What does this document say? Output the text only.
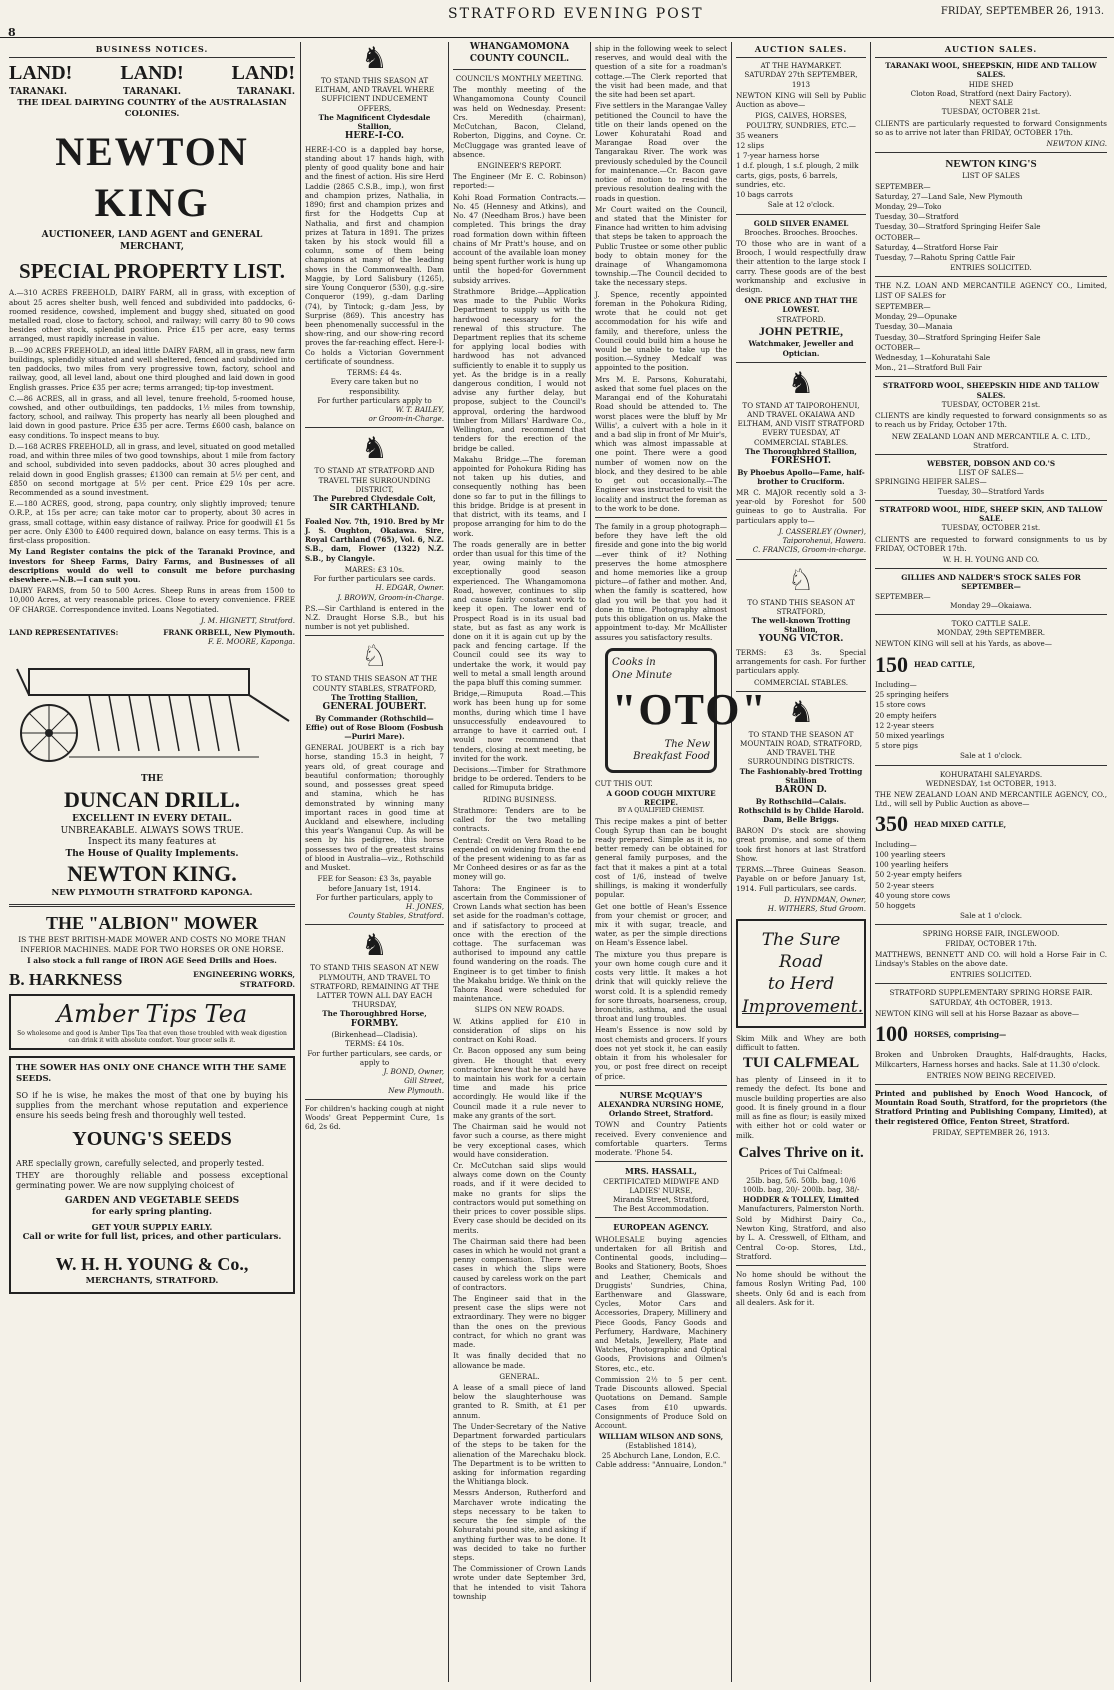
8
STRATFORD EVENING POST	FRIDAY, SEPTEMBER 26, 1913.
BUSINESS NOTICES.
LAND! LAND! LAND!
TARANAKI.	TARANAKI.	TARANAKI.
THE IDEAL DAIRYING COUNTRY of the AUSTRALASIAN COLONIES.
NEWTON KING
AUCTIONEER, LAND AGENT and GENERAL MERCHANT,
SPECIAL PROPERTY LIST.

A.—310 ACRES FREEHOLD, DAIRY FARM, all in grass, with exception of about 25 acres shelter bush, well fenced and subdivided into paddocks, 6-roomed residence, cowshed, implement and buggy shed, situated on good metalled road, close to factory, school, and railway; will carry 80 to 90 cows besides other stock, splendid position. Price £15 per acre, easy terms arranged, must rapidly increase in value.

B.—90 ACRES FREEHOLD, an ideal little DAIRY FARM, all in grass, new farm buildings, splendidly situated and well sheltered, fenced and subdivided into ten paddocks, two miles from very progressive town, factory, school and railway, good, all level land, about one third ploughed and laid down in good English grasses. Price £35 per acre; terms arranged; tip-top investment.

C.—86 ACRES, all in grass, and all level, tenure freehold, 5-roomed house, cowshed, and other outbuildings, ten paddocks, 1½ miles from township, factory, school, and railway. This property has nearly all been ploughed and laid down in good pasture. Price £35 per acre. Terms £600 cash, balance on easy conditions. To inspect means to buy.

D.—168 ACRES FREEHOLD, all in grass, and level, situated on good metalled road, and within three miles of two good townships, about 1 mile from factory and school, subdivided into seven paddocks, about 30 acres ploughed and relaid down in good English grasses; £1300 can remain at 5½ per cent, and £850 on second mortgage at 5½ per cent. Price £29 10s per acre. Recommended as a sound investment.

E.—180 ACRES, good, strong, papa country, only slightly improved; tenure O.R.P., at 15s per acre; can take motor car to property, about 30 acres in grass, small cottage, within easy distance of railway. Price for goodwill £1 5s per acre. Only £300 to £400 required down, balance on easy terms. This is a first-class proposition.

My Land Register contains the pick of the Taranaki Province, and investors for Sheep Farms, Dairy Farms, and Businesses of all descriptions would do well to consult me before purchasing elsewhere.—N.B.—I can suit you.

DAIRY FARMS, from 50 to 500 Acres. Sheep Runs in areas from 1500 to 10,000 Acres, at very reasonable prices. Close to every convenience. FREE OF CHARGE. Correspondence invited. Loans Negotiated.

J. M. HIGNETT, Stratford.
LAND REPRESENTATIVES:	FRANK ORBELL, New Plymouth.
F. E. MOORE, Kaponga.
THE
DUNCAN DRILL.
EXCELLENT IN EVERY DETAIL.
UNBREAKABLE. ALWAYS SOWS TRUE.
Inspect its many features at
The House of Quality Implements.
NEWTON KING.
NEW PLYMOUTH STRATFORD KAPONGA.
THE "ALBION" MOWER
IS THE BEST BRITISH-MADE MOWER AND COSTS NO MORE THAN INFERIOR MACHINES. MADE FOR TWO HORSES OR ONE HORSE.
I also stock a full range of IRON AGE Seed Drills and Hoes.
B. HARKNESS	ENGINEERING WORKS, STRATFORD.
Amber Tips Tea
So wholesome and good is Amber Tips Tea that even those troubled with weak digestion can drink it with absolute comfort. Your grocer sells it.
THE SOWER HAS ONLY ONE CHANCE WITH THE SAME SEEDS.

SO if he is wise, he makes the most of that one by buying his supplies from the merchant whose reputation and experience ensure his seeds being fresh and thoroughly well tested.

YOUNG'S SEEDS

ARE specially grown, carefully selected, and properly tested.

THEY are thoroughly reliable and possess exceptional germinating power. We are now supplying choicest of

GARDEN AND VEGETABLE SEEDS
for early spring planting.
GET YOUR SUPPLY EARLY.
Call or write for full list, prices, and other particulars.
W. H. H. YOUNG & Co.,
MERCHANTS, STRATFORD.
♞
TO STAND THIS SEASON AT ELTHAM, AND TRAVEL WHERE SUFFICIENT INDUCEMENT OFFERS,
The Magnificent Clydesdale Stallion,
HERE-I-CO.

HERE-I-CO is a dappled bay horse, standing about 17 hands high, with plenty of good quality bone and hair and the finest of action. His sire Herd Laddie (2865 C.S.B., imp.), won first and champion prizes, Nathalia, in 1890; first and champion prizes and first for the Hodgetts Cup at Nathalia, and first and champion prizes at Tatura in 1891. The prizes taken by his stock would fill a column, some of them being champions at many of the leading shows in the Commonwealth. Dam Maggie, by Lord Salisbury (1265), sire Young Conqueror (530), g.g.-sire Conqueror (199), g.-dam Darling (74), by Tintock; g.-dam Jess, by Surprise (869). This ancestry has been phenomenally successful in the show-ring, and our show-ring record proves the far-reaching effect. Here-I-Co holds a Victorian Government certificate of soundness.

TERMS: £4 4s.
Every care taken but no responsibility.
For further particulars apply to
W. T. BAILEY,
or Groom-in-Charge.
♞
TO STAND AT STRATFORD AND TRAVEL THE SURROUNDING DISTRICT,
The Purebred Clydesdale Colt,
SIR CARTHLAND.

Foaled Nov. 7th, 1910. Bred by Mr J. S. Oughton, Okaiawa. Sire, Royal Carthland (765), Vol. 6, N.Z. S.B., dam, Flower (1322) N.Z. S.B., by Clangyle.

MARES: £3 10s.
For further particulars see cards.
H. EDGAR, Owner.
J. BROWN, Groom-in-Charge.

P.S.—Sir Carthland is entered in the N.Z. Draught Horse S.B., but his number is not yet published.

♘
TO STAND THIS SEASON AT THE COUNTY STABLES, STRATFORD,
The Trotting Stallion,
GENERAL JOUBERT.
By Commander (Rothschild—Effie) out of Rose Bloom (Fosbush—Puriri Mare).

GENERAL JOUBERT is a rich bay horse, standing 15.3 in height, 7 years old, of great courage and beautiful conformation; thoroughly sound, and possesses great speed and stamina, which he has demonstrated by winning many important races in good time at Auckland and elsewhere, including this year's Wanganui Cup. As will be seen by his pedigree, this horse possesses two of the greatest strains of blood in Australia—viz., Rothschild and Musket.

FEE for Season: £3 3s, payable before January 1st, 1914.
For further particulars, apply to
H. JONES,
County Stables, Stratford.
♞
TO STAND THIS SEASON AT NEW PLYMOUTH, AND TRAVEL TO STRATFORD, REMAINING AT THE LATTER TOWN ALL DAY EACH THURSDAY,
The Thoroughbred Horse,
FORMBY.
(Birkenhead—Cladisia).
TERMS: £4 10s.
For further particulars, see cards, or apply to
J. BOND, Owner,
Gill Street,
New Plymouth.

For children's hacking cough at night Woods' Great Peppermint Cure, 1s 6d, 2s 6d.

WHANGAMOMONA COUNTY COUNCIL.
COUNCIL'S MONTHLY MEETING.

The monthly meeting of the Whangamomona County Council was held on Wednesday. Present: Crs. Meredith (chairman), McCutchan, Bacon, Cleland, Roberton, Diggins, and Coyne. Cr. McCluggage was granted leave of absence.

ENGINEER'S REPORT.

The Engineer (Mr E. C. Robinson) reported:—

Kohi Road Formation Contracts.—No. 45 (Hennesy and Atkins), and No. 47 (Needham Bros.) have been completed. This brings the dray road formation down within fifteen chains of Mr Pratt's house, and on account of the available loan money being spent further work is hung up until the hoped-for Government subsidy arrives.

Strathmore Bridge.—Application was made to the Public Works Department to supply us with the hardwood necessary for the renewal of this structure. The Department replies that its scheme for applying local bodies with hardwood has not advanced sufficiently to enable it to supply us yet. As the bridge is in a really dangerous condition, I would not advise any further delay, but propose, subject to the Council's approval, ordering the hardwood timber from Millars' Hardware Co., Wellington, and recommend that tenders for the erection of the bridge be called.

Makahu Bridge.—The foreman appointed for Pohokura Riding has not taken up his duties, and consequently nothing has been done so far to put in the fillings to this bridge. Bridge is at present in that district, with its teams, and I propose arranging for him to do the work.

The roads generally are in better order than usual for this time of the year, owing mainly to the exceptionally good season experienced. The Whangamomona Road, however, continues to slip and cause fairly constant work to keep it open. The lower end of Prospect Road is in its usual bad state, but as fast as any work is done on it it is again cut up by the pack and fencing cartage. If the Council could see its way to undertake the work, it would pay well to metal a small length around the papa bluff this coming summer.

Bridge,—Rimuputa Road.—This work has been hung up for some months, during which time I have unsuccessfully endeavoured to arrange to have it carried out. I would now recommend that tenders, closing at next meeting, be invited for the work.

Decisions.—Timber for Strathmore bridge to be ordered. Tenders to be called for Rimuputa bridge.

RIDING BUSINESS.

Strathmore: Tenders are to be called for the two metalling contracts.

Central: Credit on Vera Road to be expended on widening from the end of the present widening to as far as Mr Conheed desires or as far as the money will go.

Tahora: The Engineer is to ascertain from the Commissioner of Crown Lands what section has been set aside for the roadman's cottage, and if satisfactory to proceed at once with the erection of the cottage. The surfaceman was authorised to impound any cattle found wandering on the roads. The Engineer is to get timber to finish the Makahu bridge. We think on the Tahora Road were scheduled for maintenance.

SLIPS ON NEW ROADS.

W. Atkins applied for £10 in consideration of slips on his contract on Kohi Road.

Cr. Bacon opposed any sum being given. He thought that every contractor knew that he would have to maintain his work for a certain time and made his price accordingly. He would like if the Council made it a rule never to make any grants of the sort.

The Chairman said he would not favor such a course, as there might be very exceptional cases, which would have consideration.

Cr. McCutchan said slips would always come down on the County roads, and if it were decided to make no grants for slips the contractors would put something on their prices to cover possible slips. Every case should be decided on its merits.

The Chairman said there had been cases in which he would not grant a penny compensation. There were cases in which the slips were caused by careless work on the part of contractors.

The Engineer said that in the present case the slips were not extraordinary. They were no bigger than the ones on the previous contract, for which no grant was made.

It was finally decided that no allowance be made.

GENERAL.

A lease of a small piece of land below the slaughterhouse was granted to R. Smith, at £1 per annum.

The Under-Secretary of the Native Department forwarded particulars of the steps to be taken for the alienation of the Marechaku block. The Department is to be written to asking for information regarding the Whitianga block.

Messrs Anderson, Rutherford and Marchaver wrote indicating the steps necessary to be taken to secure the fee simple of the Kohuratahi pound site, and asking if anything further was to be done. It was decided to take no further steps.

The Commissioner of Crown Lands wrote under date September 3rd, that he intended to visit Tahora township

ship in the following week to select reserves, and would deal with the question of a site for a roadman's cottage.—The Clerk reported that the visit had been made, and that the site had been set apart.

Five settlers in the Marangae Valley petitioned the Council to have the title on their lands opened on the Lower Kohuratahi Road and Marangae Road over the Tangarakau River. The work was previously scheduled by the Council for maintenance.—Cr. Bacon gave notice of motion to rescind the previous resolution dealing with the roads in question.

Mr Court waited on the Council, and stated that the Minister for Finance had written to him advising that steps be taken to approach the Public Trustee or some other public body to obtain money for the drainage of Whangamomona township.—The Council decided to take the necessary steps.

J. Spence, recently appointed foreman in the Pohokura Riding, wrote that he could not get accommodation for his wife and family, and therefore, unless the Council could build him a house he would be unable to take up the position.—Sydney Medcalf was appointed to the position.

Mrs M. E. Parsons, Kohuratahi, asked that some fuel places on the Marangai end of the Kohuratahi Road should be attended to. The worst places were the bluff by Mr Willis', a culvert with a hole in it and a bad slip in front of Mr Muir's, which was almost impassable at one point. There were a good number of women now on the block, and they desired to be able to get out occasionally.—The Engineer was instructed to visit the locality and instruct the foreman as to the work to be done.

The family in a group photograph—before they have left the old fireside and gone into the big world—ever think of it? Nothing preserves the home atmosphere and home memories like a group picture—of father and mother. And, when the family is scattered, how glad you will be that you had it done in time. Photography almost puts this obligation on us. Make the appointment to-day. Mr McAllister assures you satisfactory results.

Cooks in
One Minute
"OTO"
The New
Breakfast Food
CUT THIS OUT.
A GOOD COUGH MIXTURE RECIPE.
BY A QUALIFIED CHEMIST.

This recipe makes a pint of better Cough Syrup than can be bought ready prepared. Simple as it is, no better remedy can be obtained for general family purposes, and the fact that it makes a pint at a total cost of 1/6, instead of twelve shillings, is making it wonderfully popular.

Get one bottle of Hean's Essence from your chemist or grocer, and mix it with sugar, treacle, and water, as per the simple directions on Heam's Essence label.

The mixture you thus prepare is your own home cough cure and it costs very little. It makes a hot drink that will quickly relieve the worst cold. It is a splendid remedy for sore throats, hoarseness, croup, bronchitis, asthma, and the usual throat and lung troubles.

Heam's Essence is now sold by most chemists and grocers. If yours does not yet stock it, he can easily obtain it from his wholesaler for you, or post free direct on receipt of price.

NURSE McQUAY'S
ALEXANDRA NURSING HOME, Orlando Street, Stratford.

TOWN and Country Patients received. Every convenience and comfortable quarters. Terms moderate. 'Phone 54.

MRS. HASSALL,
CERTIFICATED MIDWIFE AND LADIES' NURSE,
Miranda Street, Stratford,
The Best Accommodation.
EUROPEAN AGENCY.

WHOLESALE buying agencies undertaken for all British and Continental goods, including—Books and Stationery, Boots, Shoes and Leather, Chemicals and Druggists' Sundries, China, Earthenware and Glassware, Cycles, Motor Cars and Accessories, Drapery, Millinery and Piece Goods, Fancy Goods and Perfumery, Hardware, Machinery and Metals, Jewellery, Plate and Watches, Photographic and Optical Goods, Provisions and Oilmen's Stores, etc., etc.

Commission 2½ to 5 per cent. Trade Discounts allowed. Special Quotations on Demand. Sample Cases from £10 upwards. Consignments of Produce Sold on Account.

WILLIAM WILSON AND SONS,
(Established 1814),
25 Abchurch Lane, London, E.C.
Cable address: "Annuaire, London."
AUCTION SALES.
AT THE HAYMARKET.
SATURDAY 27th SEPTEMBER, 1913

NEWTON KING will Sell by Public Auction as above—

PIGS, CALVES, HORSES, POULTRY, SUNDRIES, ETC.—
35 weaners
12 slips
1 7-year harness horse
1 d.f. plough, 1 s.f. plough, 2 milk carts, gigs, posts, 6 barrels, sundries, etc.
10 bags carrots
Sale at 12 o'clock.
GOLD SILVER ENAMEL
Brooches. Brooches. Brooches.

TO those who are in want of a Brooch, I would respectfully draw their attention to the large stock I carry. These goods are of the best workmanship and exclusive in design.

ONE PRICE AND THAT THE LOWEST.
STRATFORD.
JOHN PETRIE,
Watchmaker, Jeweller and Optician.
♞
TO STAND AT TAIPOROHENUI, AND TRAVEL OKAIAWA AND ELTHAM, AND VISIT STRATFORD EVERY TUESDAY, AT COMMERCIAL STABLES.
The Thoroughbred Stallion,
FORESHOT.
By Phoebus Apollo—Fame, half-brother to Cruciform.

MR C. MAJOR recently sold a 3-year-old by Foreshot for 500 guineas to go to Australia. For particulars apply to—

J. CASSERLEY (Owner), Taiporohenui, Hawera.
C. FRANCIS, Groom-in-charge.
♘
TO STAND THIS SEASON AT STRATFORD,
The well-known Trotting Stallion,
YOUNG VICTOR.

TERMS: £3 3s. Special arrangements for cash. For further particulars apply.

COMMERCIAL STABLES.
♞
TO STAND THE SEASON AT MOUNTAIN ROAD, STRATFORD, AND TRAVEL THE SURROUNDING DISTRICTS.
The Fashionably-bred Trotting Stallion
BARON D.
By Rothschild—Calais. Rothschild is by Childe Harold. Dam, Belle Briggs.

BARON D's stock are showing great promise, and some of them took first honors at last Stratford Show.

TERMS.—Three Guineas Season. Payable on or before January 1st, 1914. Full particulars, see cards.

D. HYNDMAN, Owner,
H. WITHERS, Stud Groom.
The Sure Road
to Herd
Improvement.

Skim Milk and Whey are both difficult to fatten.

TUI CALFMEAL

has plenty of Linseed in it to remedy the defect. Its bone and muscle building properties are also good. It is finely ground in a flour mill as fine as flour; is easily mixed with either hot or cold water or milk.

Calves Thrive on it.
Prices of Tui Calfmeal:
25lb. bag, 5/6. 50lb. bag, 10/6
100lb. bag, 20/- 200lb. bag, 38/-
HODDER & TOLLEY, Limited
Manufacturers, Palmerston North.

Sold by Midhirst Dairy Co., Newton King, Stratford, and also by L. A. Cresswell, of Eltham, and Central Co-op. Stores, Ltd., Stratford.

No home should be without the famous Roslyn Writing Pad, 100 sheets. Only 6d and is each from all dealers. Ask for it.

AUCTION SALES.
TARANAKI WOOL, SHEEPSKIN, HIDE AND TALLOW SALES.
HIDE SHED
Cloton Road, Stratford (next Dairy Factory).
NEXT SALE
TUESDAY, OCTOBER 21st.

CLIENTS are particularly requested to forward Consignments so as to arrive not later than FRIDAY, OCTOBER 17th.

NEWTON KING.
NEWTON KING'S
LIST OF SALES
SEPTEMBER—
Saturday, 27—Land Sale, New Plymouth
Monday, 29—Toko
Tuesday, 30—Stratford
Tuesday, 30—Stratford Springing Heifer Sale
OCTOBER—
Saturday, 4—Stratford Horse Fair
Tuesday, 7—Rahotu Spring Cattle Fair
ENTRIES SOLICITED.

THE N.Z. LOAN AND MERCANTILE AGENCY CO., Limited, LIST OF SALES for

SEPTEMBER—
Monday, 29—Opunake
Tuesday, 30—Manaia
Tuesday, 30—Stratford Springing Heifer Sale
OCTOBER—
Wednesday, 1—Kohuratahi Sale
Mon., 21—Stratford Bull Fair
STRATFORD WOOL, SHEEPSKIN HIDE AND TALLOW SALES.
TUESDAY, OCTOBER 21st.

CLIENTS are kindly requested to forward consignments so as to reach us by Friday, October 17th.

NEW ZEALAND LOAN AND MERCANTILE A. C. LTD., Stratford.
WEBSTER, DOBSON AND CO.'S
LIST OF SALES—
SPRINGING HEIFER SALES—
Tuesday, 30—Stratford Yards
STRATFORD WOOL, HIDE, SHEEP SKIN, AND TALLOW SALE.
TUESDAY, OCTOBER 21st.

CLIENTS are requested to forward consignments to us by FRIDAY, OCTOBER 17th.

W. H. H. YOUNG AND CO.
GILLIES AND NALDER'S STOCK SALES FOR SEPTEMBER—
SEPTEMBER—
Monday 29—Okaiawa.
TOKO CATTLE SALE.
MONDAY, 29th SEPTEMBER.

NEWTON KING will sell at his Yards, as above—

150 HEAD CATTLE,
Including—
25 springing heifers
15 store cows
20 empty heifers
12 2-year steers
50 mixed yearlings
5 store pigs
Sale at 1 o'clock.
KOHURATAHI SALEYARDS.
WEDNESDAY, 1st OCTOBER, 1913.

THE NEW ZEALAND LOAN AND MERCANTILE AGENCY, CO., Ltd., will sell by Public Auction as above—

350 HEAD MIXED CATTLE,
Including—
100 yearling steers
100 yearling heifers
50 2-year empty heifers
50 2-year steers
40 young store cows
50 hoggets
Sale at 1 o'clock.
SPRING HORSE FAIR, INGLEWOOD.
FRIDAY, OCTOBER 17th.

MATTHEWS, BENNETT AND CO. will hold a Horse Fair in C. Lindsay's Stables on the above date.

ENTRIES SOLICITED.
STRATFORD SUPPLEMENTARY SPRING HORSE FAIR.
SATURDAY, 4th OCTOBER, 1913.

NEWTON KING will sell at his Horse Bazaar as above—

100 HORSES, comprising—

Broken and Unbroken Draughts, Half-draughts, Hacks, Milkcarters, Harness horses and hacks. Sale at 11.30 o'clock.

ENTRIES NOW BEING RECEIVED.

Printed and published by Enoch Wood Hancock, of Mountain Road South, Stratford, for the proprietors (the Stratford Printing and Publishing Company, Limited), at their registered Office, Fenton Street, Stratford.

FRIDAY, SEPTEMBER 26, 1913.
